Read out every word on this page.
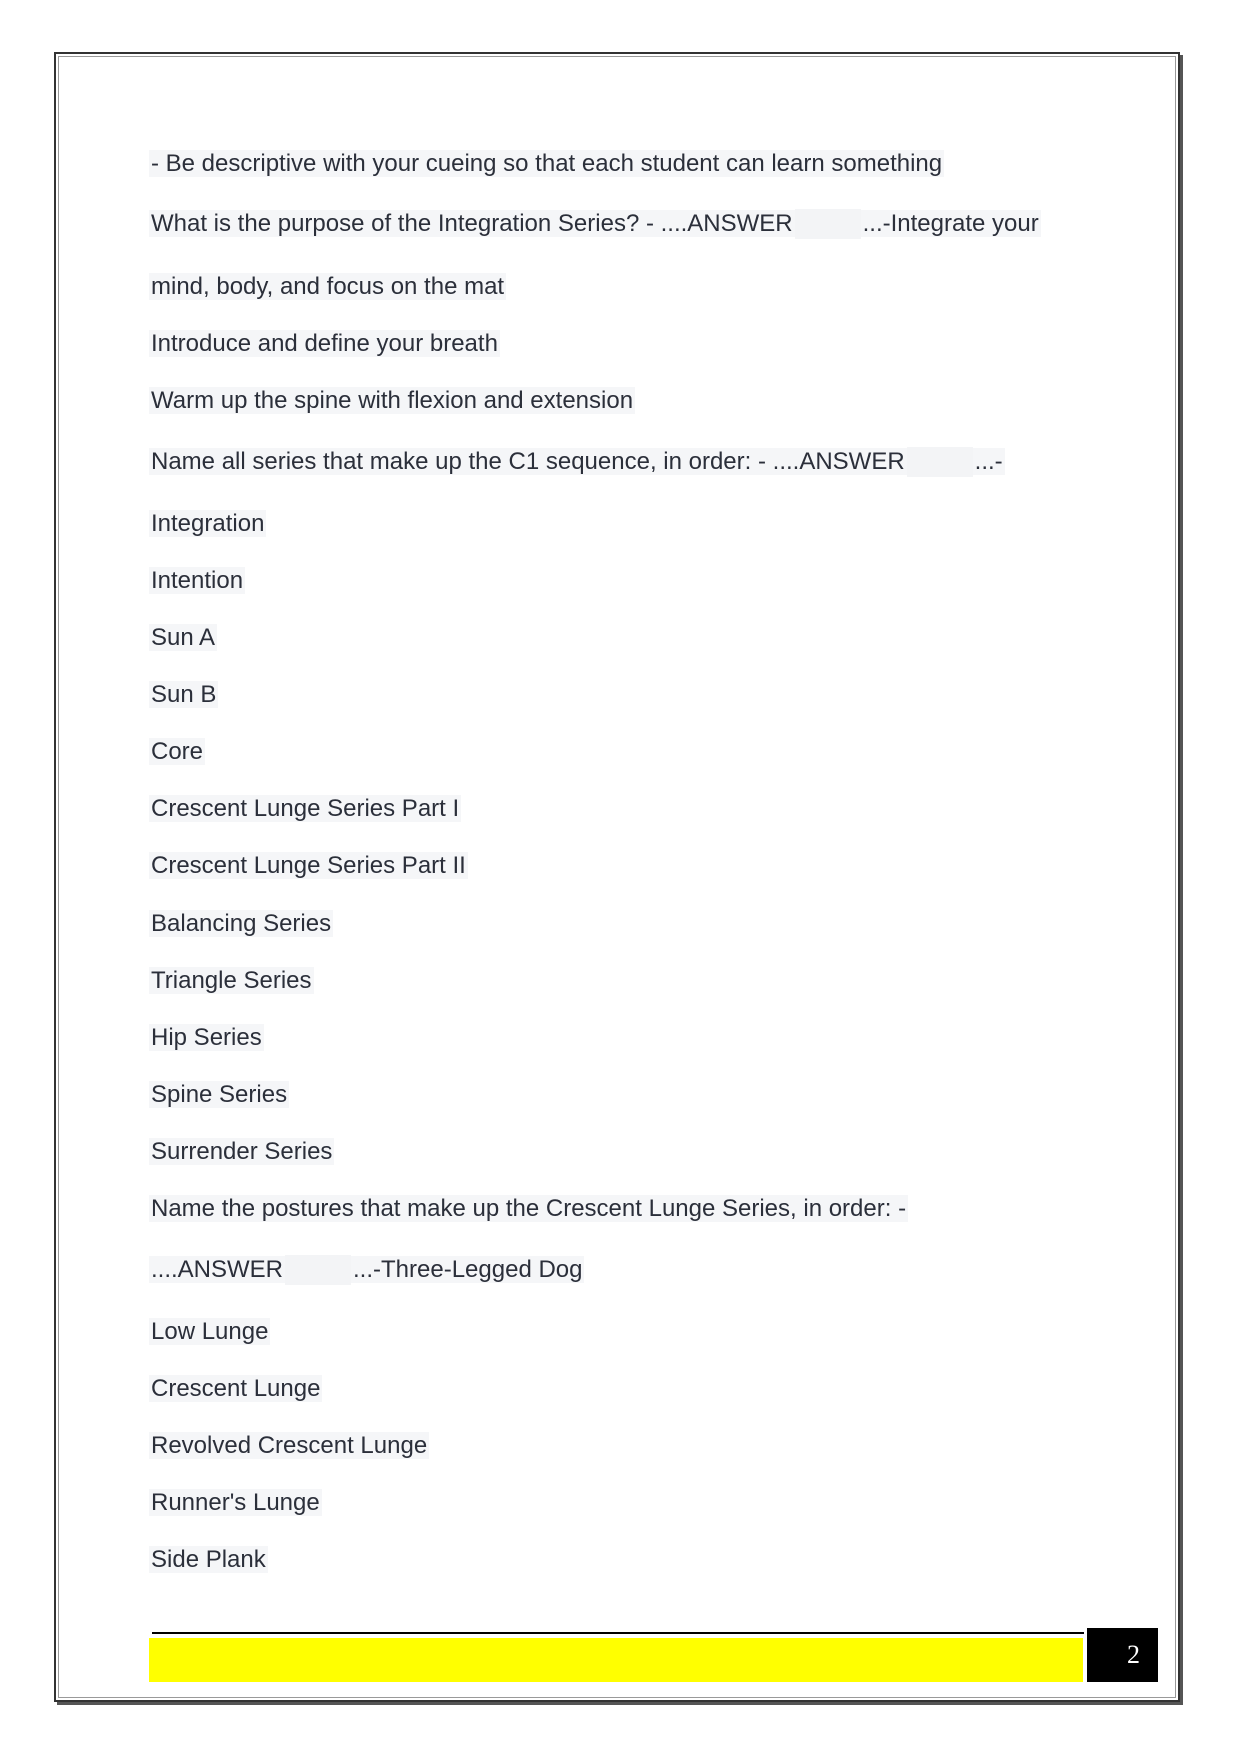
- Be descriptive with your cueing so that each student can learn something
What is the purpose of the Integration Series? - ....ANSWER	...-Integrate your
mind, body, and focus on the mat
Introduce and define your breath
Warm up the spine with flexion and extension
Name all series that make up the C1 sequence, in order: - ....ANSWER	...-
Integration
Intention
Sun A
Sun B
Core
Crescent Lunge Series Part I
Crescent Lunge Series Part II
Balancing Series
Triangle Series
Hip Series
Spine Series
Surrender Series
Name the postures that make up the Crescent Lunge Series, in order: -
....ANSWER	...-Three-Legged Dog
Low Lunge
Crescent Lunge
Revolved Crescent Lunge
Runner's Lunge
Side Plank
2
